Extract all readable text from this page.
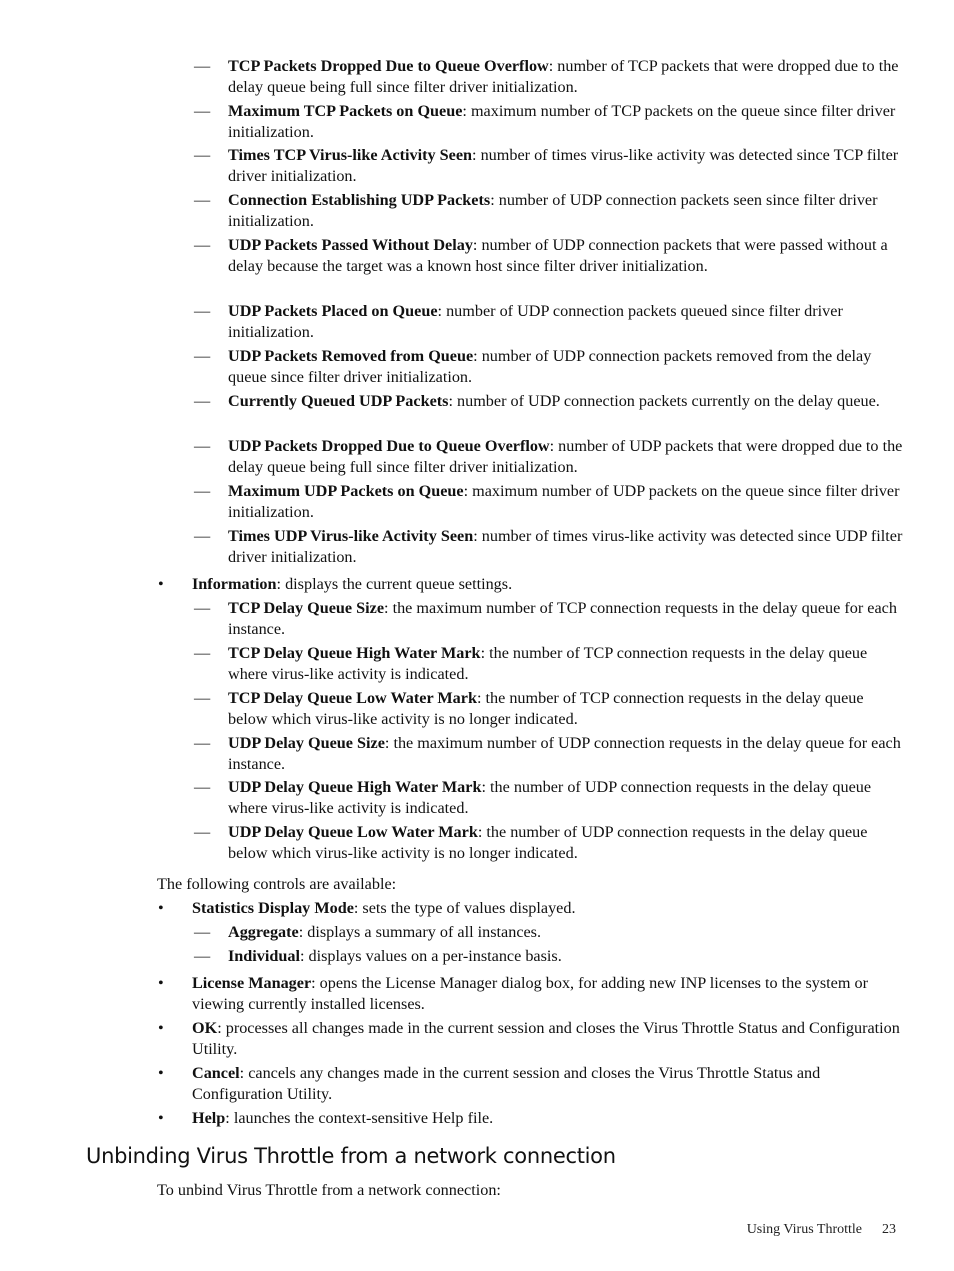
— TCP Packets Dropped Due to Queue Overflow: number of TCP packets that were dropped due to the delay queue being full since filter driver initialization.
— Maximum TCP Packets on Queue: maximum number of TCP packets on the queue since filter driver initialization.
— Times TCP Virus-like Activity Seen: number of times virus-like activity was detected since TCP filter driver initialization.
— Connection Establishing UDP Packets: number of UDP connection packets seen since filter driver initialization.
— UDP Packets Passed Without Delay: number of UDP connection packets that were passed without a delay because the target was a known host since filter driver initialization.
— UDP Packets Placed on Queue: number of UDP connection packets queued since filter driver initialization.
— UDP Packets Removed from Queue: number of UDP connection packets removed from the delay queue since filter driver initialization.
— Currently Queued UDP Packets: number of UDP connection packets currently on the delay queue.
— UDP Packets Dropped Due to Queue Overflow: number of UDP packets that were dropped due to the delay queue being full since filter driver initialization.
— Maximum UDP Packets on Queue: maximum number of UDP packets on the queue since filter driver initialization.
— Times UDP Virus-like Activity Seen: number of times virus-like activity was detected since UDP filter driver initialization.
•	Information: displays the current queue settings.
— TCP Delay Queue Size: the maximum number of TCP connection requests in the delay queue for each instance.
— TCP Delay Queue High Water Mark: the number of TCP connection requests in the delay queue where virus-like activity is indicated.
— TCP Delay Queue Low Water Mark: the number of TCP connection requests in the delay queue below which virus-like activity is no longer indicated.
— UDP Delay Queue Size: the maximum number of UDP connection requests in the delay queue for each instance.
— UDP Delay Queue High Water Mark: the number of UDP connection requests in the delay queue where virus-like activity is indicated.
— UDP Delay Queue Low Water Mark: the number of UDP connection requests in the delay queue below which virus-like activity is no longer indicated.
The following controls are available:
•	Statistics Display Mode: sets the type of values displayed.
— Aggregate: displays a summary of all instances.
— Individual: displays values on a per-instance basis.
•	License Manager: opens the License Manager dialog box, for adding new INP licenses to the system or viewing currently installed licenses.
•	OK: processes all changes made in the current session and closes the Virus Throttle Status and Configuration Utility.
•	Cancel: cancels any changes made in the current session and closes the Virus Throttle Status and Configuration Utility.
•	Help: launches the context-sensitive Help file.
Unbinding Virus Throttle from a network connection
To unbind Virus Throttle from a network connection:
Using Virus Throttle 23
